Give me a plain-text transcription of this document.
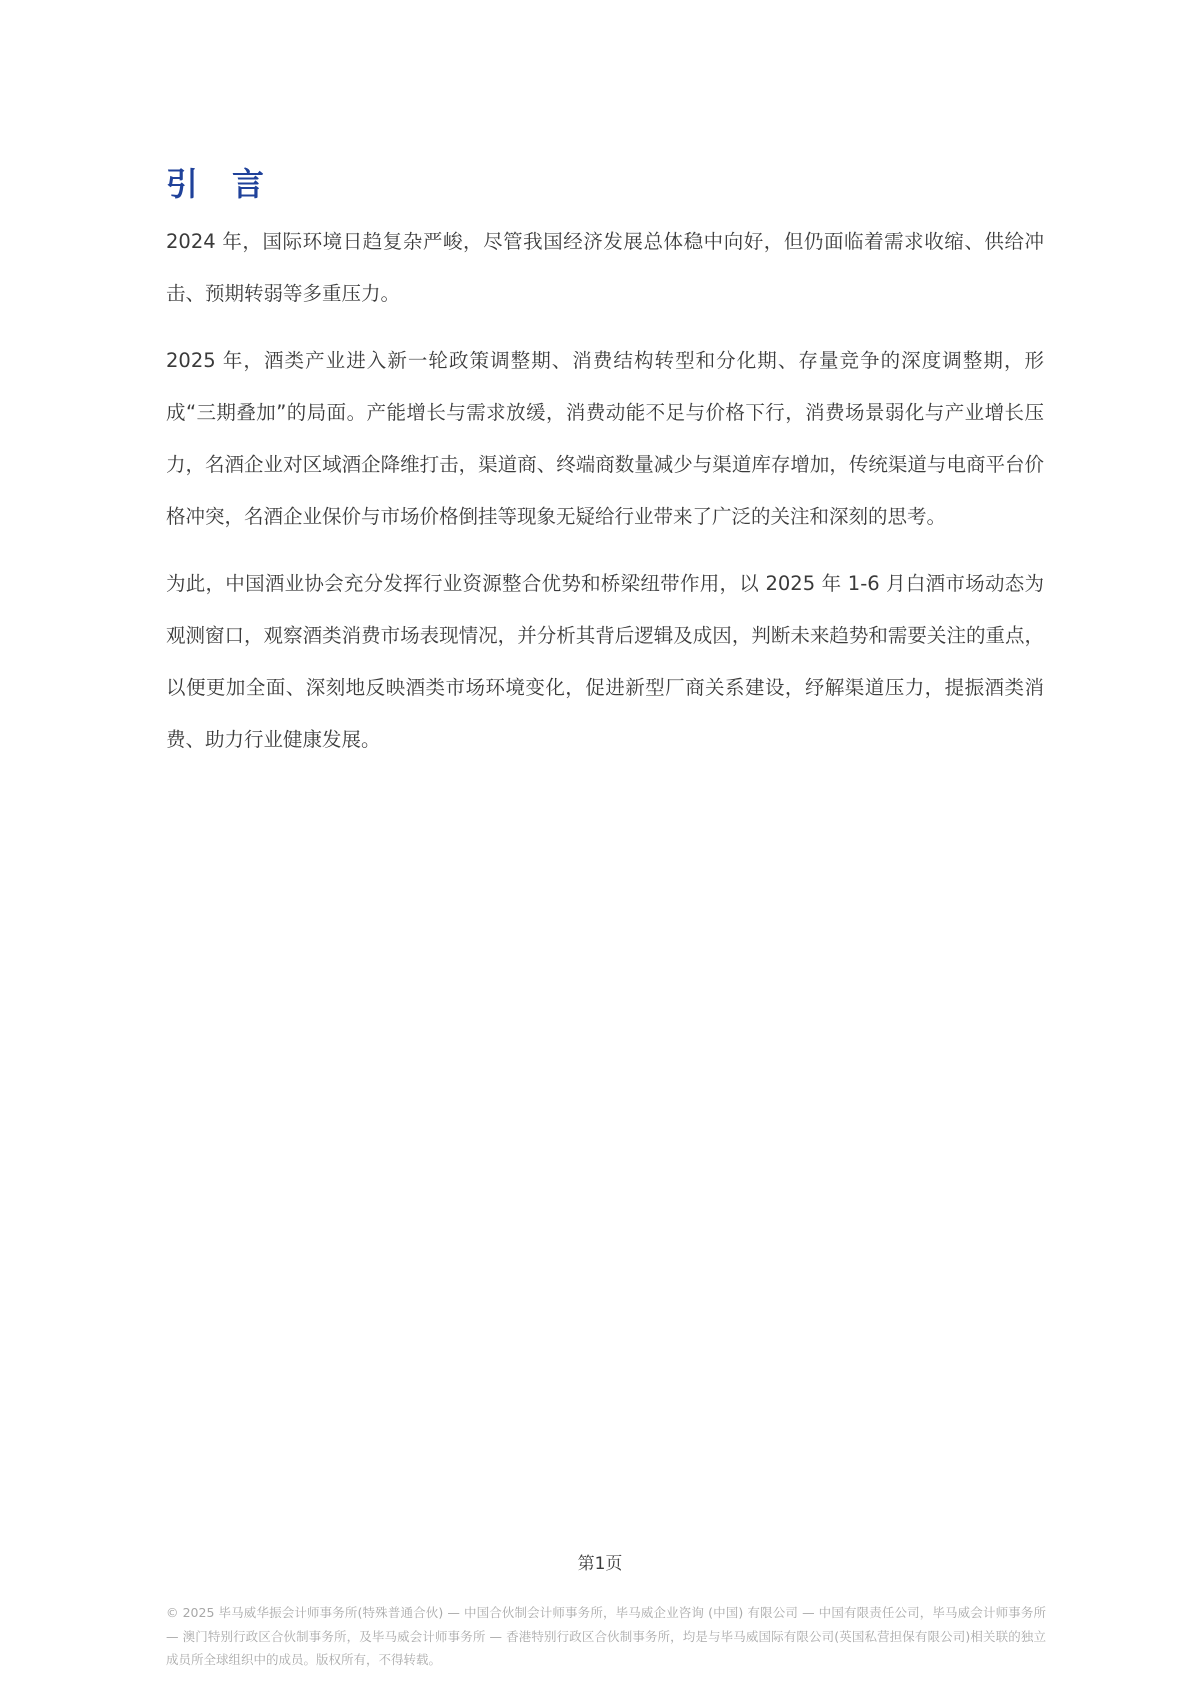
引　言

2024 年，国际环境日趋复杂严峻，尽管我国经济发展总体稳中向好，但仍面临着需求收缩、供给冲击、预期转弱等多重压力。

2025 年，酒类产业进入新一轮政策调整期、消费结构转型和分化期、存量竞争的深度调整期，形成“三期叠加”的局面。产能增长与需求放缓，消费动能不足与价格下行，消费场景弱化与产业增长压力，名酒企业对区域酒企降维打击，渠道商、终端商数量减少与渠道库存增加，传统渠道与电商平台价格冲突，名酒企业保价与市场价格倒挂等现象无疑给行业带来了广泛的关注和深刻的思考。

为此，中国酒业协会充分发挥行业资源整合优势和桥梁纽带作用，以 2025 年 1-6 月白酒市场动态为观测窗口，观察酒类消费市场表现情况，并分析其背后逻辑及成因，判断未来趋势和需要关注的重点，以便更加全面、深刻地反映酒类市场环境变化，促进新型厂商关系建设，纾解渠道压力，提振酒类消费、助力行业健康发展。

第1页
© 2025 毕马威华振会计师事务所(特殊普通合伙) — 中国合伙制会计师事务所，毕马威企业咨询 (中国) 有限公司 — 中国有限责任公司，毕马威会计师事务所 — 澳门特别行政区合伙制事务所，及毕马威会计师事务所 — 香港特别行政区合伙制事务所，均是与毕马威国际有限公司(英国私营担保有限公司)相关联的独立成员所全球组织中的成员。版权所有，不得转载。
